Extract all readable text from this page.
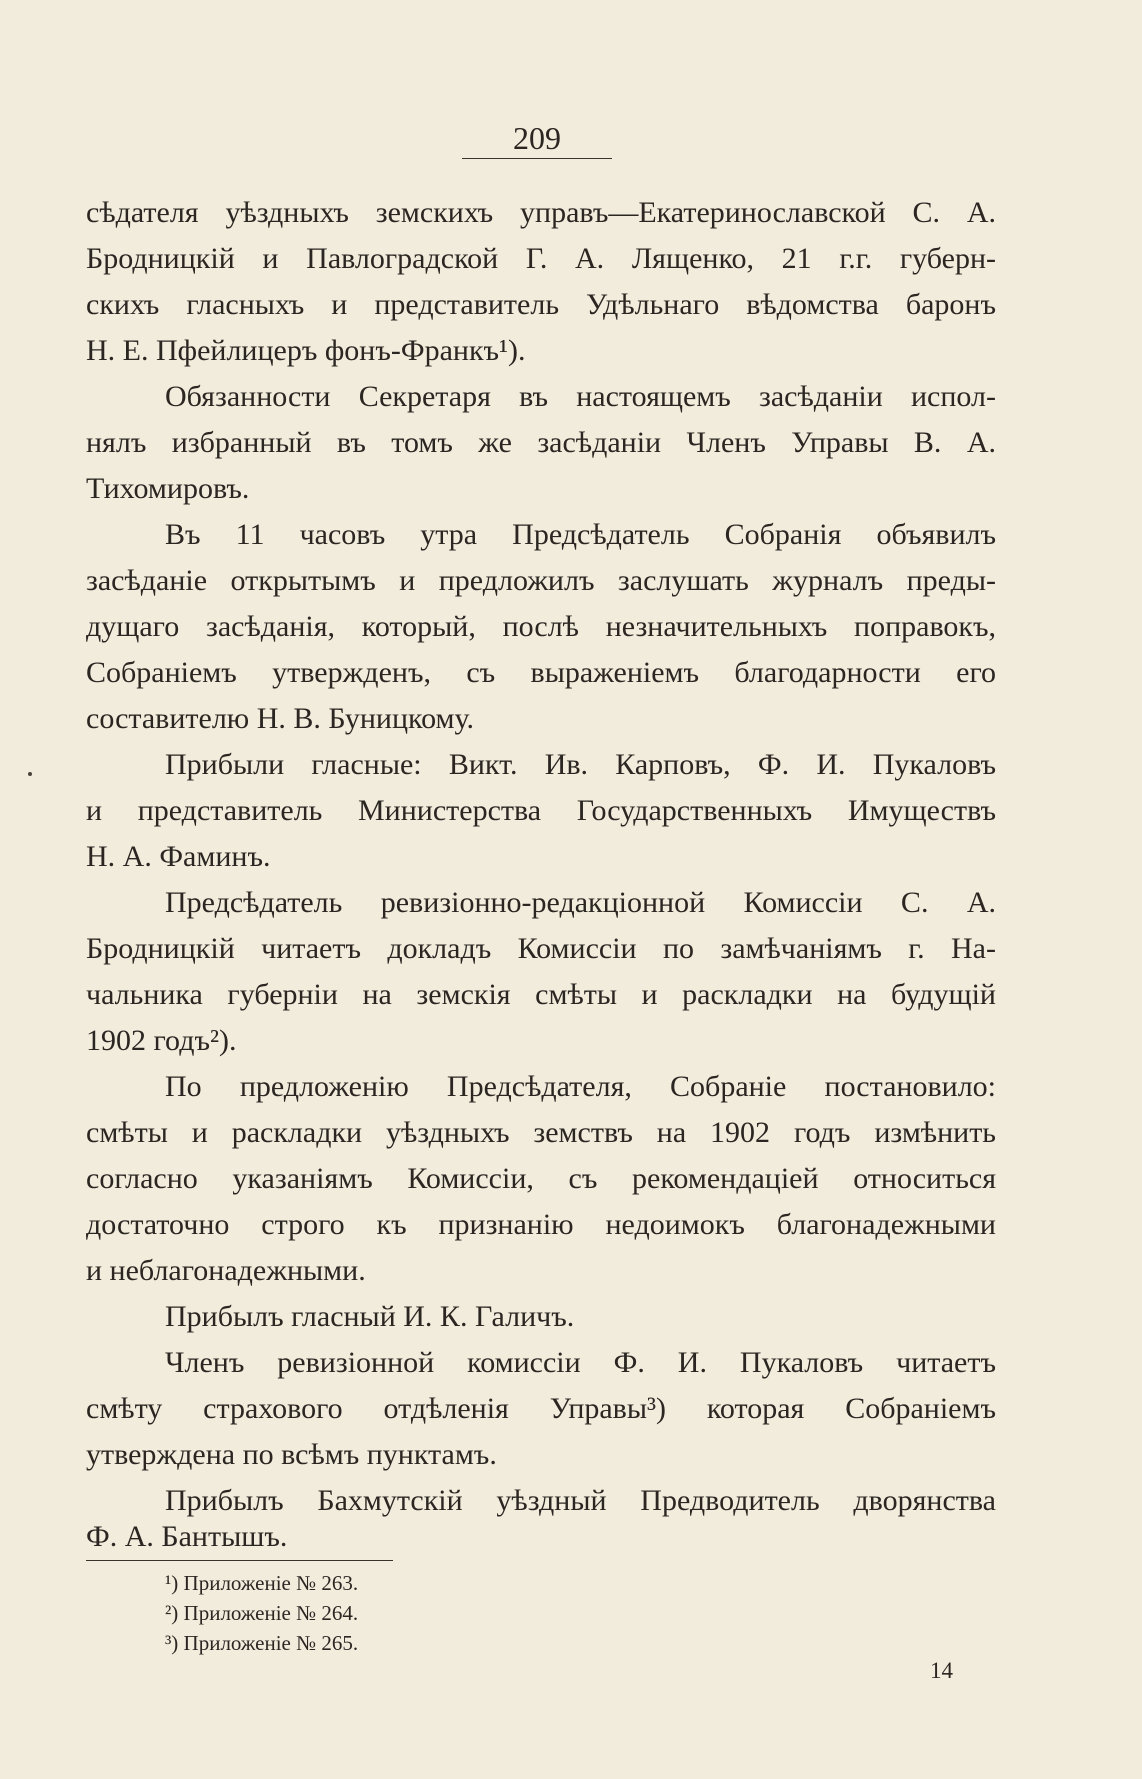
209
сѣдателя уѣздныхъ земскихъ управъ—Екатеринославской С. А.
Бродницкій и Павлоградской Г. А. Лященко, 21 г.г. губерн-
скихъ гласныхъ и представитель Удѣльнаго вѣдомства баронъ
Н. Е. Пфейлицеръ фонъ-Франкъ¹).
Обязанности Секретаря въ настоящемъ засѣданіи испол-
нялъ избранный въ томъ же засѣданіи Членъ Управы В. А.
Тихомировъ.
Въ 11 часовъ утра Предсѣдатель Собранія объявилъ
засѣданіе открытымъ и предложилъ заслушать журналъ преды-
дущаго засѣданія, который, послѣ незначительныхъ поправокъ,
Собраніемъ утвержденъ, съ выраженіемъ благодарности его
составителю Н. В. Буницкому.
Прибыли гласные: Викт. Ив. Карповъ, Ф. И. Пукаловъ
и представитель Министерства Государственныхъ Имуществъ
Н. А. Фаминъ.
Предсѣдатель ревизіонно-редакціонной Комиссіи С. А.
Бродницкій читаетъ докладъ Комиссіи по замѣчаніямъ г. На-
чальника губерніи на земскія смѣты и раскладки на будущій
1902 годъ²).
По предложенію Предсѣдателя, Собраніе постановило:
смѣты и раскладки уѣздныхъ земствъ на 1902 годъ измѣнить
согласно указаніямъ Комиссіи, съ рекомендаціей относиться
достаточно строго къ признанію недоимокъ благонадежными
и неблагонадежными.
Прибылъ гласный И. К. Галичъ.
Членъ ревизіонной комиссіи Ф. И. Пукаловъ читаетъ
смѣту страхового отдѣленія Управы³) которая Собраніемъ
утверждена по всѣмъ пунктамъ.
Прибылъ Бахмутскій уѣздный Предводитель дворянства
Ф. А. Бантышъ.
¹) Приложеніе № 263.
²) Приложеніе № 264.
³) Приложеніе № 265.
14
